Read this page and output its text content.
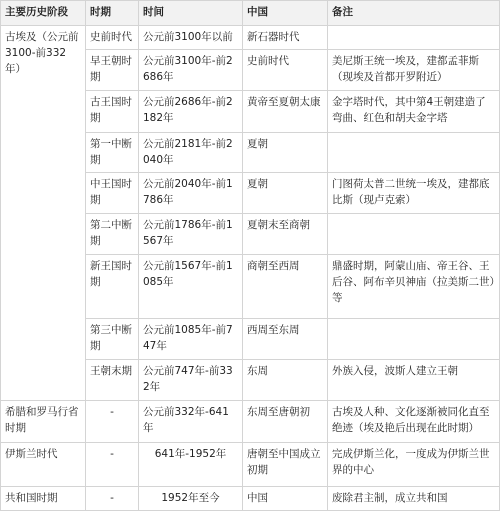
主要历史阶段	时期	时间	中国	备注
古埃及（公元前3100-前332年）	史前时代	公元前3100年以前	新石器时代	
	早王朝时期	公元前3100年-前2686年	史前时代	美尼斯王统一埃及，建都孟菲斯（现埃及首都开罗附近）
	古王国时期	公元前2686年-前2182年	黄帝至夏朝太康	金字塔时代，其中第4王朝建造了弯曲、红色和胡夫金字塔
	第一中断期	公元前2181年-前2040年	夏朝	
	中王国时期	公元前2040年-前1786年	夏朝	门图荷太普二世统一埃及，建都底比斯（现卢克索）
	第二中断期	公元前1786年-前1567年	夏朝末至商朝	
	新王国时期	公元前1567年-前1085年	商朝至西周	鼎盛时期，阿蒙山庙、帝王谷、王后谷、阿布辛贝神庙（拉美斯二世）等
	第三中断期	公元前1085年-前747年	西周至东周	
	王朝末期	公元前747年-前332年	东周	外族入侵，波斯人建立王朝
希腊和罗马行省时期	-	公元前332年-641年	东周至唐朝初	古埃及人种、文化逐渐被同化直至绝迹（埃及艳后出现在此时期）
伊斯兰时代	-	641年-1952年	唐朝至中国成立初期	完成伊斯兰化，一度成为伊斯兰世界的中心
共和国时期	-	1952年至今	中国	废除君主制，成立共和国
